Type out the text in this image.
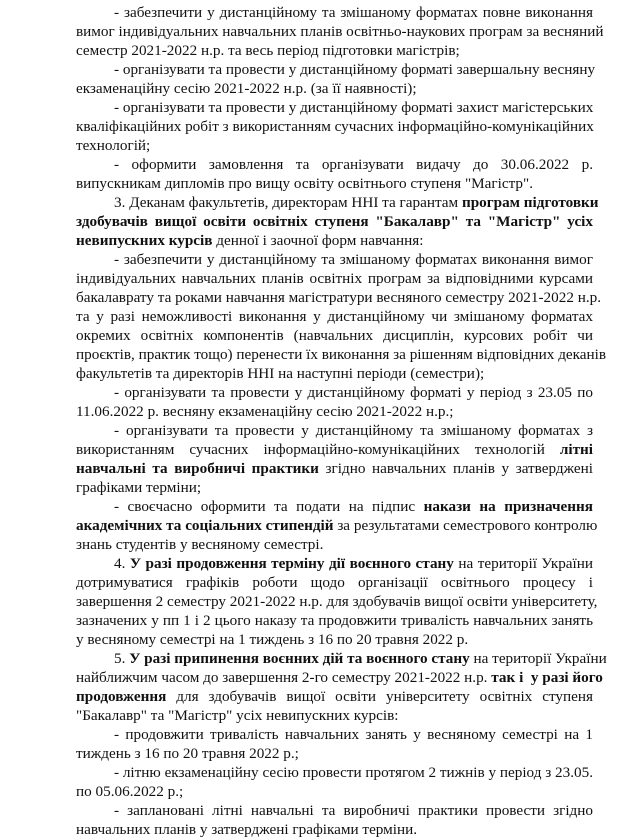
- забезпечити у дистанційному та змішаному форматах повне виконання
вимог індивідуальних навчальних планів освітньо-наукових програм за весняний
семестр 2021-2022 н.р. та весь період підготовки магістрів;
- організувати та провести у дистанційному форматі завершальну весняну
екзаменаційну сесію 2021-2022 н.р. (за її наявності);
- організувати та провести у дистанційному форматі захист магістерських
кваліфікаційних робіт з використанням сучасних інформаційно-комунікаційних
технологій;
- оформити замовлення та організувати видачу до 30.06.2022 р.
випускникам дипломів про вищу освіту освітнього ступеня "Магістр".
3. Деканам факультетів, директорам ННІ та гарантам програм підготовки
здобувачів вищої освіти освітніх ступеня "Бакалавр" та "Магістр" усіх
невипускних курсів денної і заочної форм навчання:
- забезпечити у дистанційному та змішаному форматах виконання вимог
індивідуальних навчальних планів освітніх програм за відповідними курсами
бакалаврату та роками навчання магістратури весняного семестру 2021-2022 н.р.
та у разі неможливості виконання у дистанційному чи змішаному форматах
окремих освітніх компонентів (навчальних дисциплін, курсових робіт чи
проєктів, практик тощо) перенести їх виконання за рішенням відповідних деканів
факультетів та директорів ННІ на наступні періоди (семестри);
- організувати та провести у дистанційному форматі у період з 23.05 по
11.06.2022 р. весняну екзаменаційну сесію 2021-2022 н.р.;
- організувати та провести у дистанційному та змішаному форматах з
використанням сучасних інформаційно-комунікаційних технологій літні
навчальні та виробничі практики згідно навчальних планів у затверджені
графіками терміни;
- своєчасно оформити та подати на підпис накази на призначення
академічних та соціальних стипендій за результатами семестрового контролю
знань студентів у весняному семестрі.
4. У разі продовження терміну дії воєнного стану на території України
дотримуватися графіків роботи щодо організації освітнього процесу і
завершення 2 семестру 2021-2022 н.р. для здобувачів вищої освіти університету,
зазначених у пп 1 і 2 цього наказу та продовжити тривалість навчальних занять
у весняному семестрі на 1 тиждень з 16 по 20 травня 2022 р.
5. У разі припинення воєнних дій та воєнного стану на території України
найближчим часом до завершення 2-го семестру 2021-2022 н.р. так і  у разі його
продовження для здобувачів вищої освіти університету освітніх ступеня
"Бакалавр" та "Магістр" усіх невипускних курсів:
- продовжити тривалість навчальних занять у весняному семестрі на 1
тиждень з 16 по 20 травня 2022 р.;
- літню екзаменаційну сесію провести протягом 2 тижнів у період з 23.05.
по 05.06.2022 р.;
- заплановані літні навчальні та виробничі практики провести згідно
навчальних планів у затверджені графіками терміни.
